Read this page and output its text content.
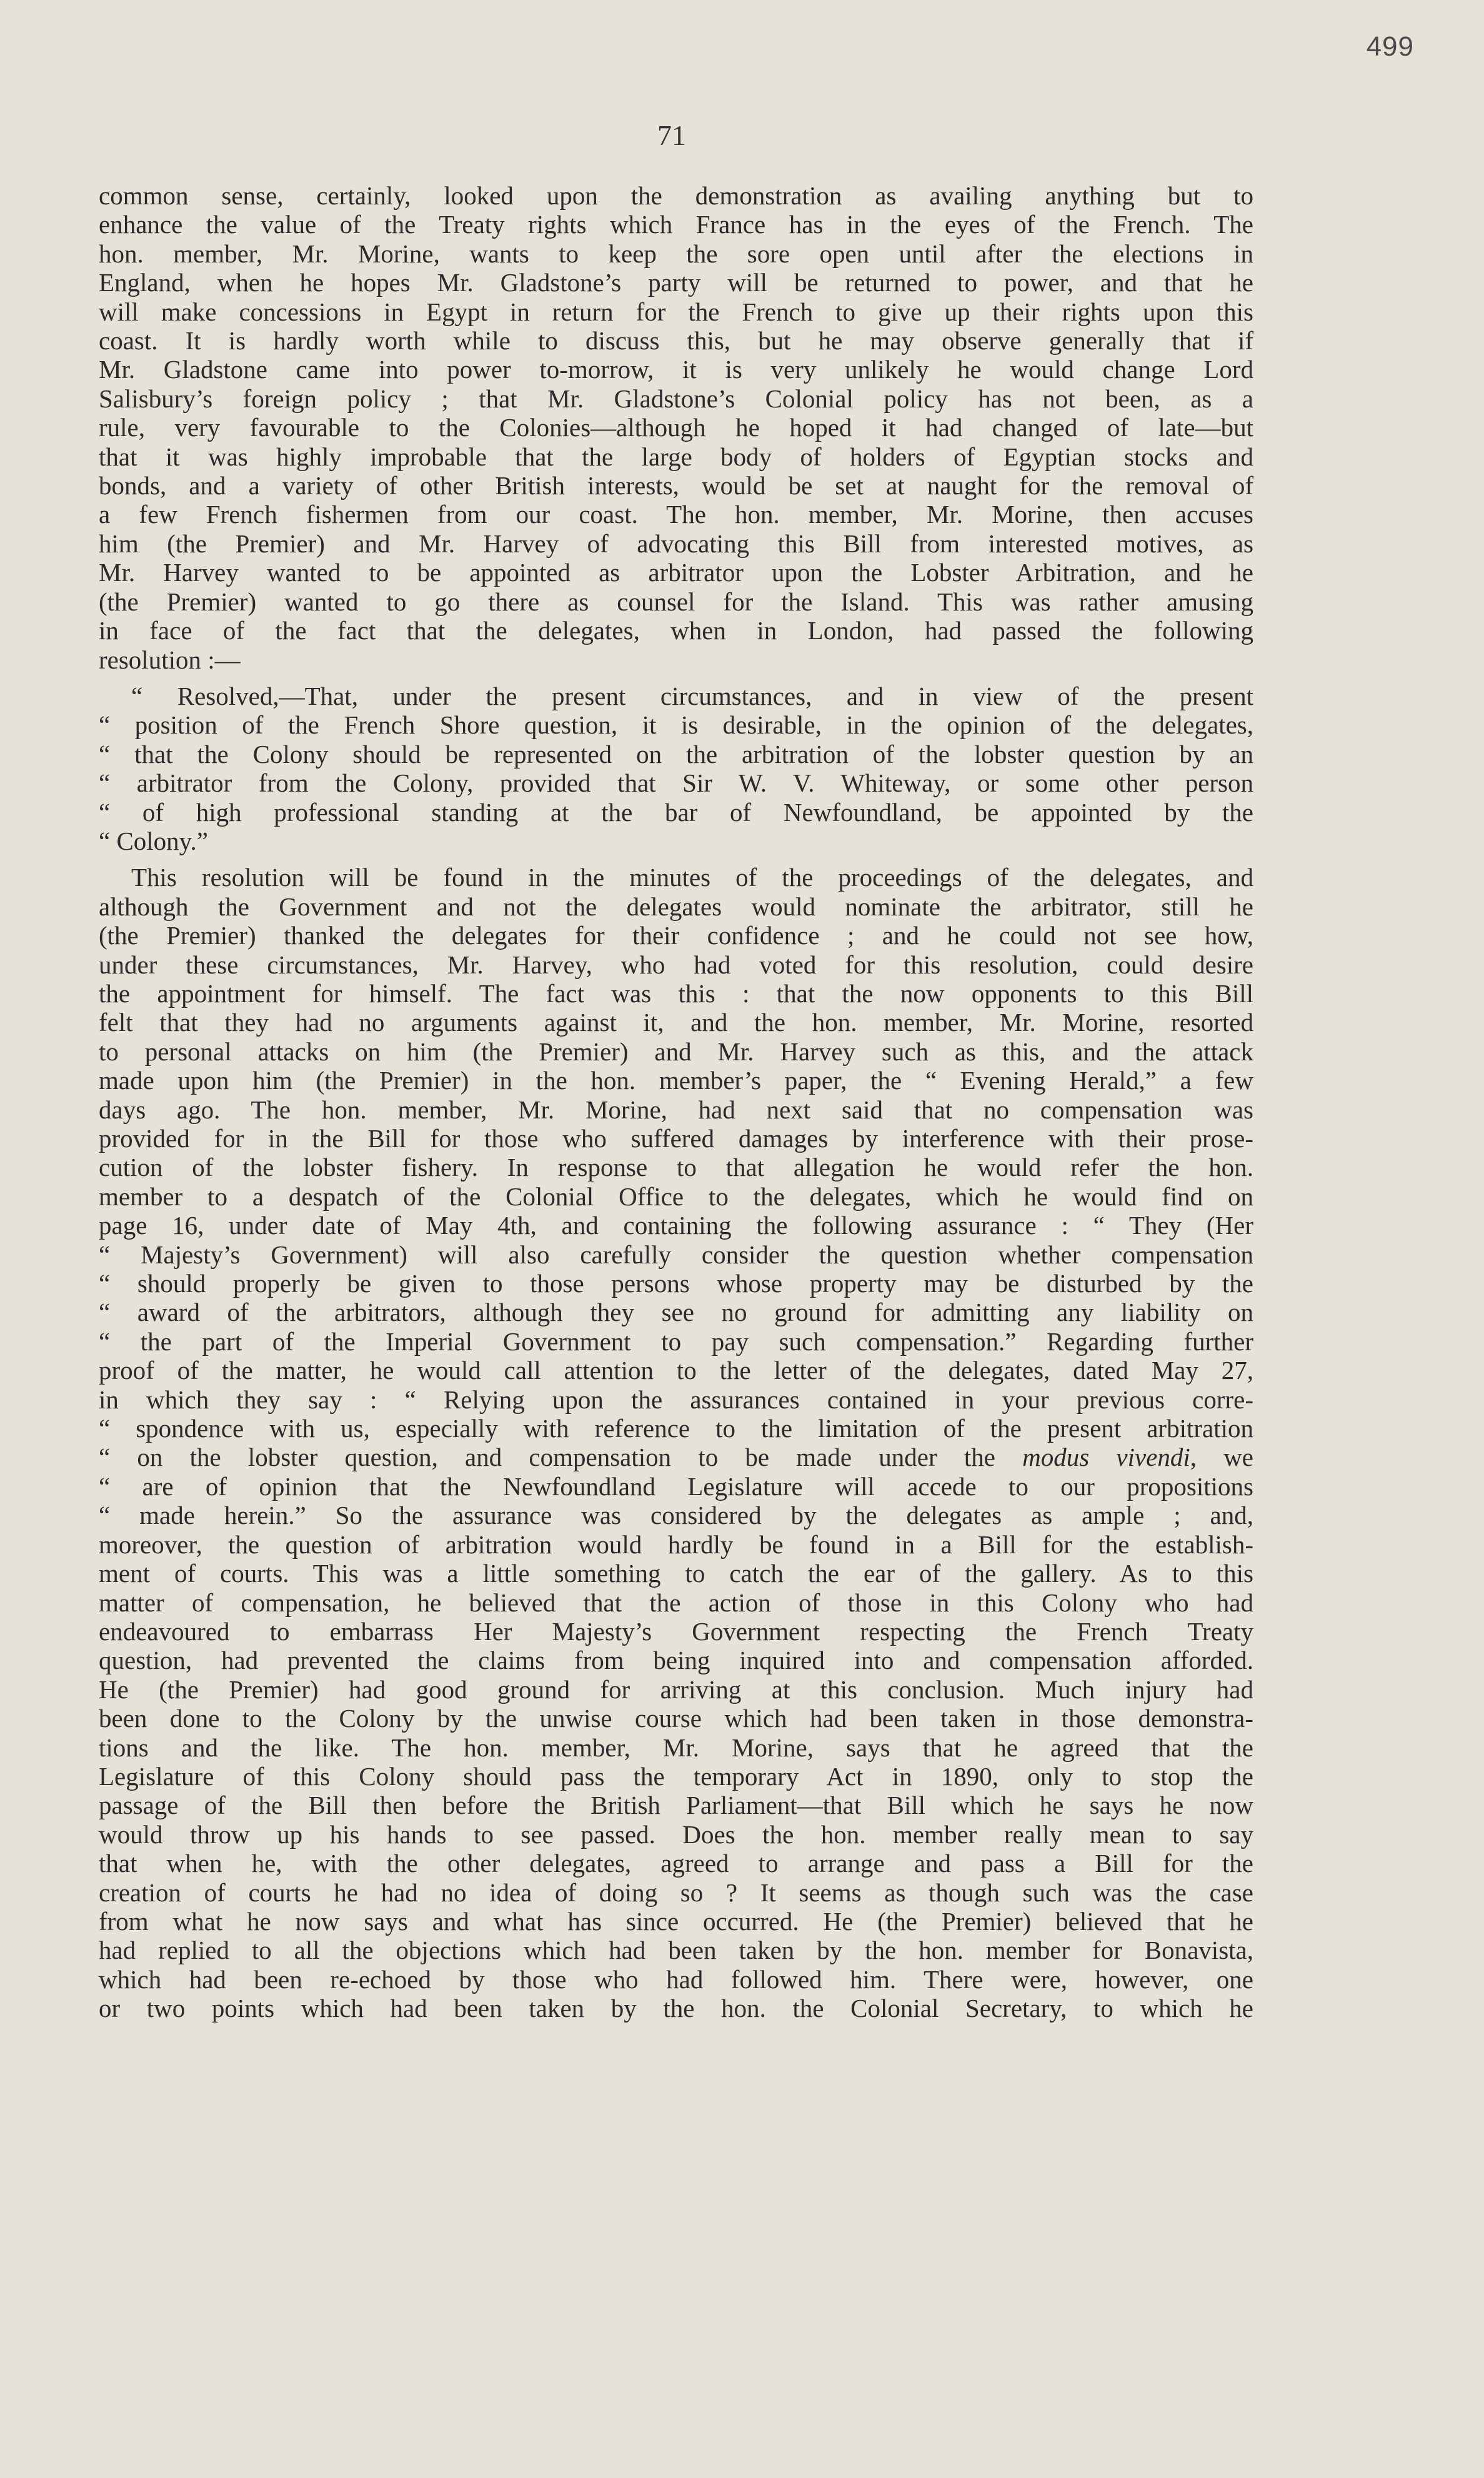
499
71

common sense, certainly, looked upon the demonstration as availing anything but to
enhance the value of the Treaty rights which France has in the eyes of the French. The
hon. member, Mr. Morine, wants to keep the sore open until after the elections in
England, when he hopes Mr. Gladstone’s party will be returned to power, and that he
will make concessions in Egypt in return for the French to give up their rights upon this
coast. It is hardly worth while to discuss this, but he may observe generally that if
Mr. Gladstone came into power to-morrow, it is very unlikely he would change Lord
Salisbury’s foreign policy ; that Mr. Gladstone’s Colonial policy has not been, as a
rule, very favourable to the Colonies—although he hoped it had changed of late—but
that it was highly improbable that the large body of holders of Egyptian stocks and
bonds, and a variety of other British interests, would be set at naught for the removal of
a few French fishermen from our coast. The hon. member, Mr. Morine, then accuses
him (the Premier) and Mr. Harvey of advocating this Bill from interested motives, as
Mr. Harvey wanted to be appointed as arbitrator upon the Lobster Arbitration, and he
(the Premier) wanted to go there as counsel for the Island. This was rather amusing
in face of the fact that the delegates, when in London, had passed the following
resolution :—

“ Resolved,—That, under the present circumstances, and in view of the present
“ position of the French Shore question, it is desirable, in the opinion of the delegates,
“ that the Colony should be represented on the arbitration of the lobster question by an
“ arbitrator from the Colony, provided that Sir W. V. Whiteway, or some other person
“ of high professional standing at the bar of Newfoundland, be appointed by the
“ Colony.”

This resolution will be found in the minutes of the proceedings of the delegates, and
although the Government and not the delegates would nominate the arbitrator, still he
(the Premier) thanked the delegates for their confidence ; and he could not see how,
under these circumstances, Mr. Harvey, who had voted for this resolution, could desire
the appointment for himself. The fact was this : that the now opponents to this Bill
felt that they had no arguments against it, and the hon. member, Mr. Morine, resorted
to personal attacks on him (the Premier) and Mr. Harvey such as this, and the attack
made upon him (the Premier) in the hon. member’s paper, the “ Evening Herald,” a few
days ago. The hon. member, Mr. Morine, had next said that no compensation was
provided for in the Bill for those who suffered damages by interference with their prose-
cution of the lobster fishery. In response to that allegation he would refer the hon.
member to a despatch of the Colonial Office to the delegates, which he would find on
page 16, under date of May 4th, and containing the following assurance : “ They (Her
“ Majesty’s Government) will also carefully consider the question whether compensation
“ should properly be given to those persons whose property may be disturbed by the
“ award of the arbitrators, although they see no ground for admitting any liability on
“ the part of the Imperial Government to pay such compensation.” Regarding further
proof of the matter, he would call attention to the letter of the delegates, dated May 27,
in which they say : “ Relying upon the assurances contained in your previous corre-
“ spondence with us, especially with reference to the limitation of the present arbitration
“ on the lobster question, and compensation to be made under the modus vivendi, we
“ are of opinion that the Newfoundland Legislature will accede to our propositions
“ made herein.” So the assurance was considered by the delegates as ample ; and,
moreover, the question of arbitration would hardly be found in a Bill for the establish-
ment of courts. This was a little something to catch the ear of the gallery. As to this
matter of compensation, he believed that the action of those in this Colony who had
endeavoured to embarrass Her Majesty’s Government respecting the French Treaty
question, had prevented the claims from being inquired into and compensation afforded.
He (the Premier) had good ground for arriving at this conclusion. Much injury had
been done to the Colony by the unwise course which had been taken in those demonstra-
tions and the like. The hon. member, Mr. Morine, says that he agreed that the
Legislature of this Colony should pass the temporary Act in 1890, only to stop the
passage of the Bill then before the British Parliament—that Bill which he says he now
would throw up his hands to see passed. Does the hon. member really mean to say
that when he, with the other delegates, agreed to arrange and pass a Bill for the
creation of courts he had no idea of doing so ? It seems as though such was the case
from what he now says and what has since occurred. He (the Premier) believed that he
had replied to all the objections which had been taken by the hon. member for Bonavista,
which had been re-echoed by those who had followed him. There were, however, one
or two points which had been taken by the hon. the Colonial Secretary, to which he
